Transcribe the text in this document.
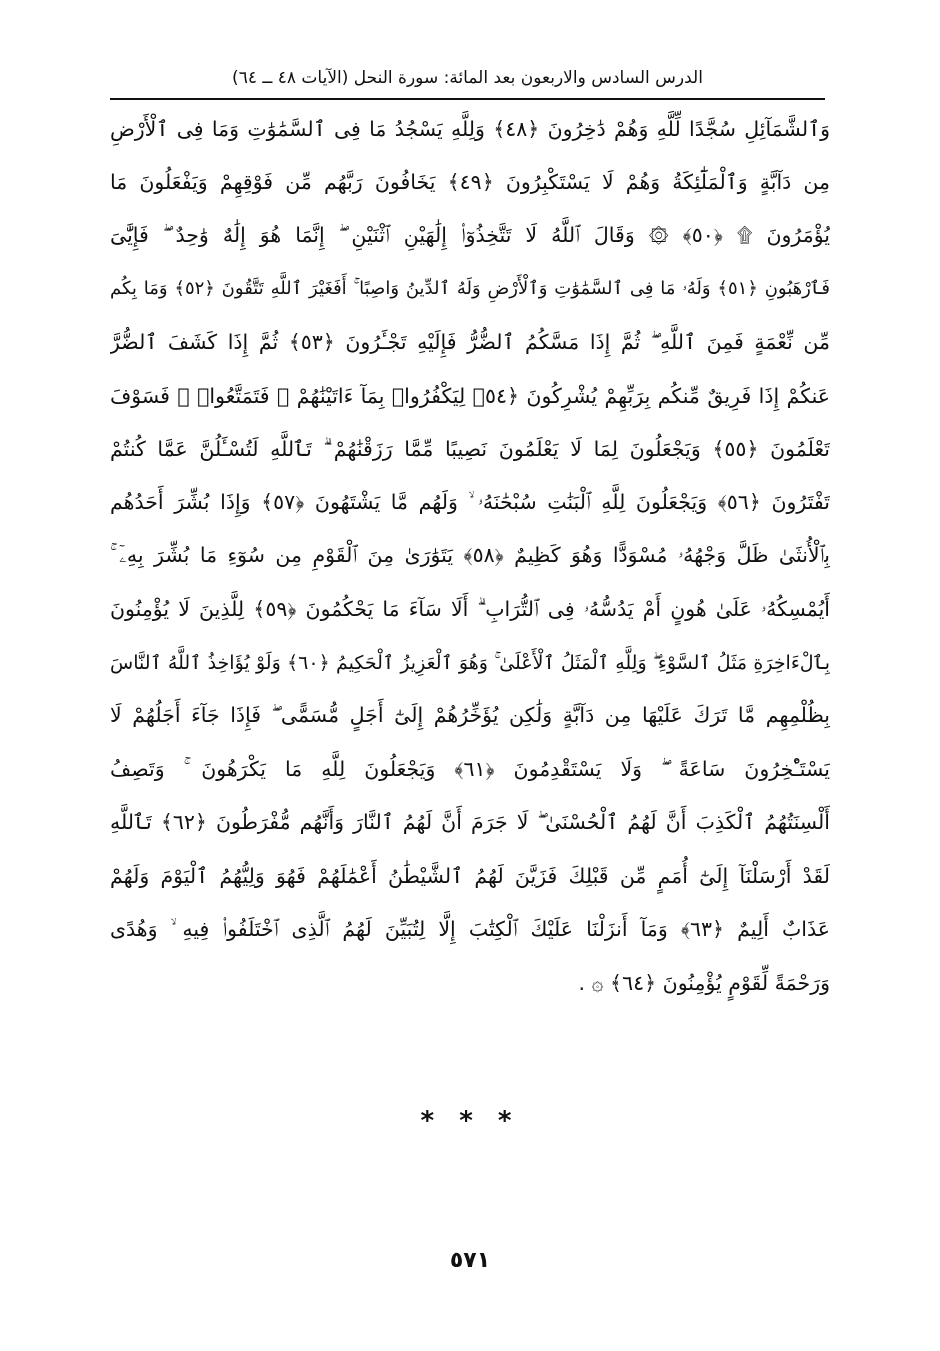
الدرس السادس والاربعون بعد المائة: سورة النحل (الآيات ٤٨ ــ ٦٤)
وَٱلشَّمَآئِلِ سُجَّدًا لِّلَّهِ وَهُمْ دَٰخِرُونَ ﴿٤٨﴾ وَلِلَّهِ يَسْجُدُ مَا فِى ٱلسَّمَٰوَٰتِ وَمَا فِى ٱلْأَرْضِ
مِن دَآبَّةٍ وَٱلْمَلَٰٓئِكَةُ وَهُمْ لَا يَسْتَكْبِرُونَ ﴿٤٩﴾ يَخَافُونَ رَبَّهُم مِّن فَوْقِهِمْ وَيَفْعَلُونَ مَا
يُؤْمَرُونَ ۩ ﴿٥٠﴾ ۞ وَقَالَ ٱللَّهُ لَا تَتَّخِذُوٓا۟ إِلَٰهَيْنِ ٱثْنَيْنِ ۖ إِنَّمَا هُوَ إِلَٰهٌ وَٰحِدٌ ۖ فَإِيَّٰىَ
فَٱرْهَبُونِ ﴿٥١﴾ وَلَهُۥ مَا فِى ٱلسَّمَٰوَٰتِ وَٱلْأَرْضِ وَلَهُ ٱلدِّينُ وَاصِبًا ۚ أَفَغَيْرَ ٱللَّهِ تَتَّقُونَ ﴿٥٢﴾ وَمَا بِكُم
مِّن نِّعْمَةٍ فَمِنَ ٱللَّهِ ۖ ثُمَّ إِذَا مَسَّكُمُ ٱلضُّرُّ فَإِلَيْهِ تَجْـَٔرُونَ ﴿٥٣﴾ ثُمَّ إِذَا كَشَفَ ٱلضُّرَّ
عَنكُمْ إِذَا فَرِيقٌ مِّنكُم بِرَبِّهِمْ يُشْرِكُونَ ﴿٥٤﴾ لِيَكْفُرُوا۟ بِمَآ ءَاتَيْنَٰهُمْ ۚ فَتَمَتَّعُوا۟ ۖ فَسَوْفَ
تَعْلَمُونَ ﴿٥٥﴾ وَيَجْعَلُونَ لِمَا لَا يَعْلَمُونَ نَصِيبًا مِّمَّا رَزَقْنَٰهُمْ ۗ تَٱللَّهِ لَتُسْـَٔلُنَّ عَمَّا كُنتُمْ
تَفْتَرُونَ ﴿٥٦﴾ وَيَجْعَلُونَ لِلَّهِ ٱلْبَنَٰتِ سُبْحَٰنَهُۥ ۙ وَلَهُم مَّا يَشْتَهُونَ ﴿٥٧﴾ وَإِذَا بُشِّرَ أَحَدُهُم
بِٱلْأُنثَىٰ ظَلَّ وَجْهُهُۥ مُسْوَدًّا وَهُوَ كَظِيمٌ ﴿٥٨﴾ يَتَوَٰرَىٰ مِنَ ٱلْقَوْمِ مِن سُوٓءِ مَا بُشِّرَ بِهِۦٓ ۚ
أَيُمْسِكُهُۥ عَلَىٰ هُونٍ أَمْ يَدُسُّهُۥ فِى ٱلتُّرَابِ ۗ أَلَا سَآءَ مَا يَحْكُمُونَ ﴿٥٩﴾ لِلَّذِينَ لَا يُؤْمِنُونَ
بِٱلْءَاخِرَةِ مَثَلُ ٱلسَّوْءِ ۖ وَلِلَّهِ ٱلْمَثَلُ ٱلْأَعْلَىٰ ۚ وَهُوَ ٱلْعَزِيزُ ٱلْحَكِيمُ ﴿٦٠﴾ وَلَوْ يُؤَاخِذُ ٱللَّهُ ٱلنَّاسَ
بِظُلْمِهِم مَّا تَرَكَ عَلَيْهَا مِن دَآبَّةٍ وَلَٰكِن يُؤَخِّرُهُمْ إِلَىٰٓ أَجَلٍ مُّسَمًّى ۖ فَإِذَا جَآءَ أَجَلُهُمْ لَا
يَسْتَـْٔخِرُونَ سَاعَةً ۖ وَلَا يَسْتَقْدِمُونَ ﴿٦١﴾ وَيَجْعَلُونَ لِلَّهِ مَا يَكْرَهُونَ ۚ وَتَصِفُ
أَلْسِنَتُهُمُ ٱلْكَذِبَ أَنَّ لَهُمُ ٱلْحُسْنَىٰ ۖ لَا جَرَمَ أَنَّ لَهُمُ ٱلنَّارَ وَأَنَّهُم مُّفْرَطُونَ ﴿٦٢﴾ تَٱللَّهِ
لَقَدْ أَرْسَلْنَآ إِلَىٰٓ أُمَمٍ مِّن قَبْلِكَ فَزَيَّنَ لَهُمُ ٱلشَّيْطَٰنُ أَعْمَٰلَهُمْ فَهُوَ وَلِيُّهُمُ ٱلْيَوْمَ وَلَهُمْ
عَذَابٌ أَلِيمٌ ﴿٦٣﴾ وَمَآ أَنزَلْنَا عَلَيْكَ ٱلْكِتَٰبَ إِلَّا لِتُبَيِّنَ لَهُمُ ٱلَّذِى ٱخْتَلَفُوا۟ فِيهِ ۙ وَهُدًى
وَرَحْمَةً لِّقَوْمٍ يُؤْمِنُونَ ﴿٦٤﴾ ۞ .
* * *
٥٧١
